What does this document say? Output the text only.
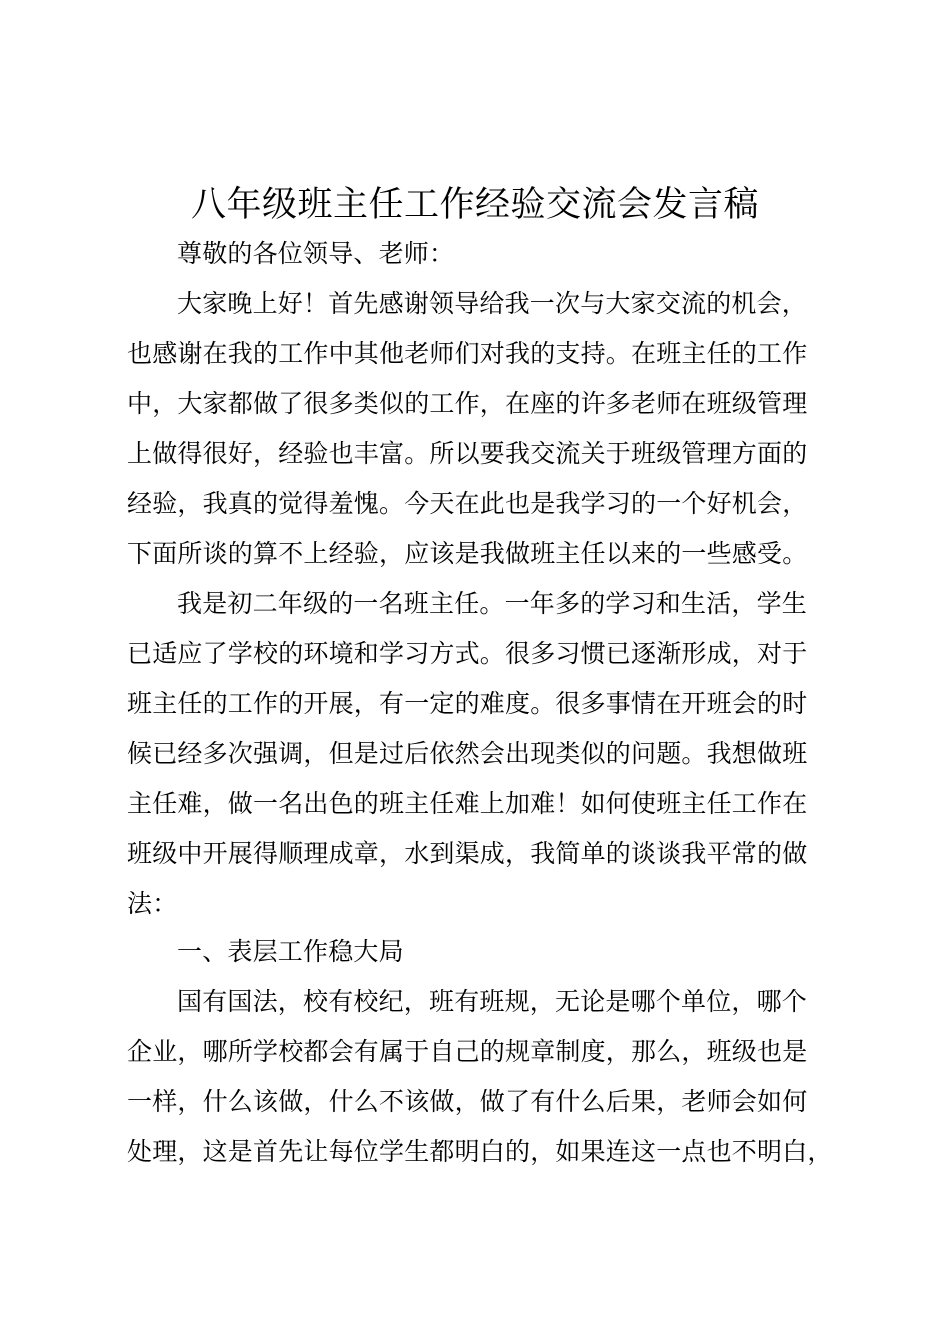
八年级班主任工作经验交流会发言稿
尊敬的各位领导、老师：
大家晚上好！首先感谢领导给我一次与大家交流的机会，
也感谢在我的工作中其他老师们对我的支持。在班主任的工作
中，大家都做了很多类似的工作，在座的许多老师在班级管理
上做得很好，经验也丰富。所以要我交流关于班级管理方面的
经验，我真的觉得羞愧。今天在此也是我学习的一个好机会，
下面所谈的算不上经验，应该是我做班主任以来的一些感受。
我是初二年级的一名班主任。一年多的学习和生活，学生
已适应了学校的环境和学习方式。很多习惯已逐渐形成，对于
班主任的工作的开展，有一定的难度。很多事情在开班会的时
候已经多次强调，但是过后依然会出现类似的问题。我想做班
主任难，做一名出色的班主任难上加难！如何使班主任工作在
班级中开展得顺理成章，水到渠成，我简单的谈谈我平常的做
法：
一、表层工作稳大局
国有国法，校有校纪，班有班规，无论是哪个单位，哪个
企业，哪所学校都会有属于自己的规章制度，那么，班级也是
一样，什么该做，什么不该做，做了有什么后果，老师会如何
处理，这是首先让每位学生都明白的，如果连这一点也不明白，
